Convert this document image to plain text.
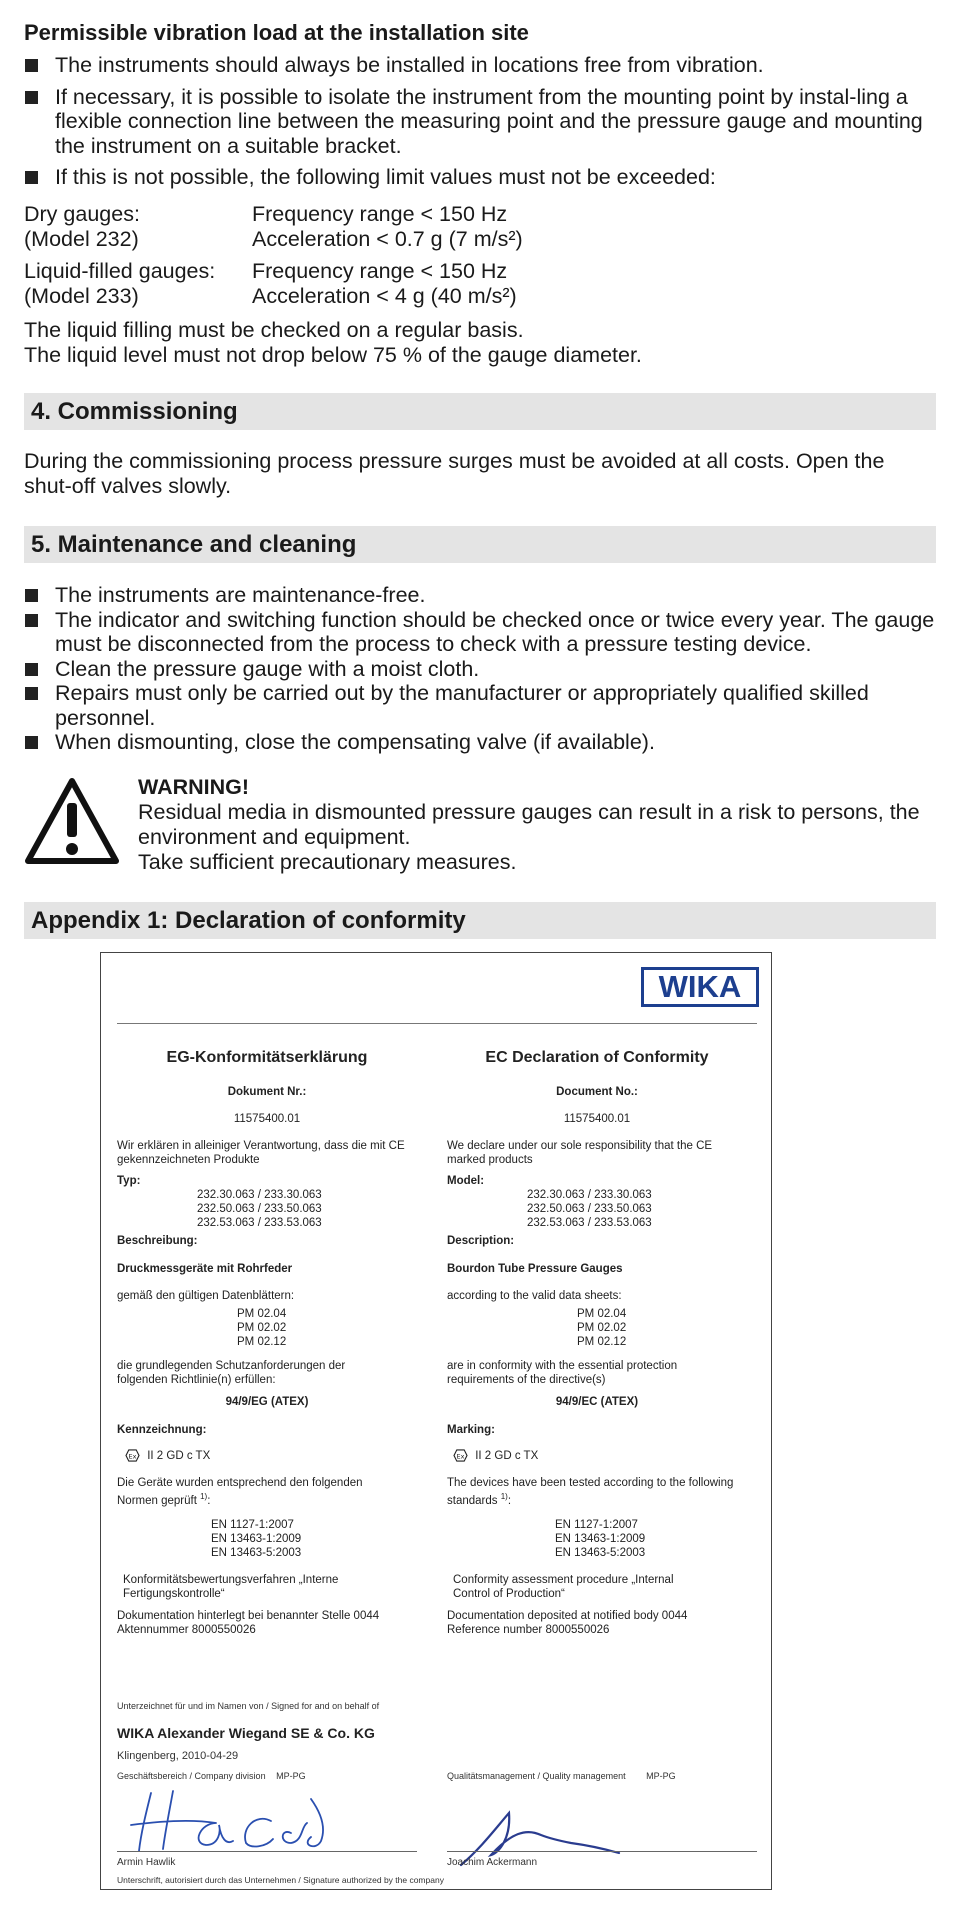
Permissible vibration load at the installation site
The instruments should always be installed in locations free from vibration.
If necessary, it is possible to isolate the instrument from the mounting point by instal-ling a flexible connection line between the measuring point and the pressure gauge and mounting the instrument on a suitable bracket.
If this is not possible, the following limit values must not be exceeded:
Dry gauges:
(Model 232)
Frequency range < 150 Hz
Acceleration < 0.7 g (7 m/s²)
Liquid-filled gauges:
(Model 233)
Frequency range < 150 Hz
Acceleration < 4 g (40 m/s²)
The liquid filling must be checked on a regular basis.
The liquid level must not drop below 75 % of the gauge diameter.
4. Commissioning
During the commissioning process pressure surges must be avoided at all costs. Open the shut-off valves slowly.
5. Maintenance and cleaning
The instruments are maintenance-free.
The indicator and switching function should be checked once or twice every year. The gauge must be disconnected from the process to check with a pressure testing device.
Clean the pressure gauge with a moist cloth.
Repairs must only be carried out by the manufacturer or appropriately qualified skilled personnel.
When dismounting, close the compensating valve (if available).
WARNING!
Residual media in dismounted pressure gauges can result in a risk to persons, the environment and equipment.
Take sufficient precautionary measures.
Appendix 1: Declaration of conformity
WIKA
EG-Konformitätserklärung
Dokument Nr.:
11575400.01
Wir erklären in alleiniger Verantwortung, dass die mit CE gekennzeichneten Produkte
Typ:
232.30.063 / 233.30.063
232.50.063 / 233.50.063
232.53.063 / 233.53.063
Beschreibung:
Druckmessgeräte mit Rohrfeder
gemäß den gültigen Datenblättern:
PM 02.04
PM 02.02
PM 02.12
die grundlegenden Schutzanforderungen der folgenden Richtlinie(n) erfüllen:
94/9/EG (ATEX)
Kennzeichnung:
Ex II 2 GD c TX
Die Geräte wurden entsprechend den folgenden Normen geprüft $^{1)}$:
EN 1127-1:2007
EN 13463-1:2009
EN 13463-5:2003
Konformitätsbewertungsverfahren „Interne Fertigungskontrolle“
Dokumentation hinterlegt bei benannter Stelle 0044 Aktennummer 8000550026
EC Declaration of Conformity
Document No.:
11575400.01
We declare under our sole responsibility that the CE marked products
Model:
232.30.063 / 233.30.063
232.50.063 / 233.50.063
232.53.063 / 233.53.063
Description:
Bourdon Tube Pressure Gauges
according to the valid data sheets:
PM 02.04
PM 02.02
PM 02.12
are in conformity with the essential protection requirements of the directive(s)
94/9/EC (ATEX)
Marking:
Ex II 2 GD c TX
The devices have been tested according to the following standards $^{1)}$:
EN 1127-1:2007
EN 13463-1:2009
EN 13463-5:2003
Conformity assessment procedure „Internal Control of Production“
Documentation deposited at notified body 0044 Reference number 8000550026
Unterzeichnet für und im Namen von / Signed for and on behalf of
WIKA Alexander Wiegand SE & Co. KG
Klingenberg, 2010-04-29
Geschäftsbereich / Company division MP-PG	Qualitätsmanagement / Quality management MP-PG
Armin Hawlik	Joachim Ackermann
Unterschrift, autorisiert durch das Unternehmen / Signature authorized by the company
